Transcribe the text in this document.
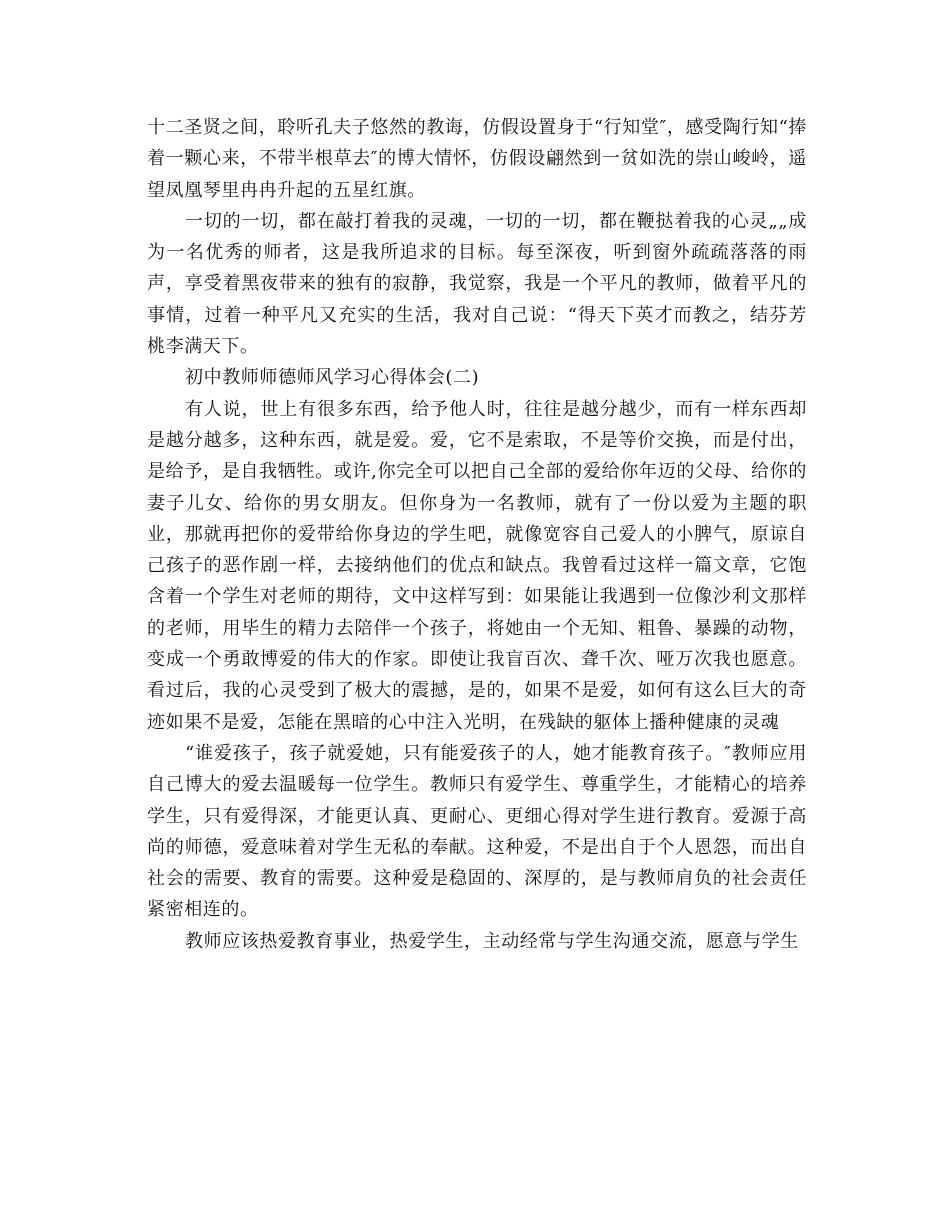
十二圣贤之间，聆听孔夫子悠然的教诲，仿假设置身于“行知堂″，感受陶行知“捧着一颗心来，不带半根草去″的博大情怀，仿假设翩然到一贫如洗的崇山峻岭，遥望凤凰琴里冉冉升起的五星红旗。

一切的一切，都在敲打着我的灵魂，一切的一切，都在鞭挞着我的心灵„„成为一名优秀的师者，这是我所追求的目标。每至深夜，听到窗外疏疏落落的雨声，享受着黑夜带来的独有的寂静，我觉察，我是一个平凡的教师，做着平凡的事情，过着一种平凡又充实的生活，我对自己说：“得天下英才而教之，结芬芳桃李满天下。

初中教师师德师风学习心得体会(二)

有人说，世上有很多东西，给予他人时，往往是越分越少，而有一样东西却是越分越多，这种东西，就是爱。爱，它不是索取，不是等价交换，而是付出，是给予，是自我牺牲。或许,你完全可以把自己全部的爱给你年迈的父母、给你的妻子儿女、给你的男女朋友。但你身为一名教师，就有了一份以爱为主题的职业，那就再把你的爱带给你身边的学生吧，就像宽容自己爱人的小脾气，原谅自己孩子的恶作剧一样，去接纳他们的优点和缺点。我曾看过这样一篇文章，它饱含着一个学生对老师的期待，文中这样写到：如果能让我遇到一位像沙利文那样的老师，用毕生的精力去陪伴一个孩子，将她由一个无知、粗鲁、暴躁的动物，变成一个勇敢博爱的伟大的作家。即使让我盲百次、聋千次、哑万次我也愿意。看过后，我的心灵受到了极大的震撼，是的，如果不是爱，如何有这么巨大的奇迹如果不是爱，怎能在黑暗的心中注入光明，在残缺的躯体上播种健康的灵魂

“谁爱孩子，孩子就爱她，只有能爱孩子的人，她才能教育孩子。″教师应用自己博大的爱去温暖每一位学生。教师只有爱学生、尊重学生，才能精心的培养学生，只有爱得深，才能更认真、更耐心、更细心得对学生进行教育。爱源于高尚的师德，爱意味着对学生无私的奉献。这种爱，不是出自于个人恩怨，而出自社会的需要、教育的需要。这种爱是稳固的、深厚的，是与教师肩负的社会责任紧密相连的。

教师应该热爱教育事业，热爱学生，主动经常与学生沟通交流，愿意与学生
